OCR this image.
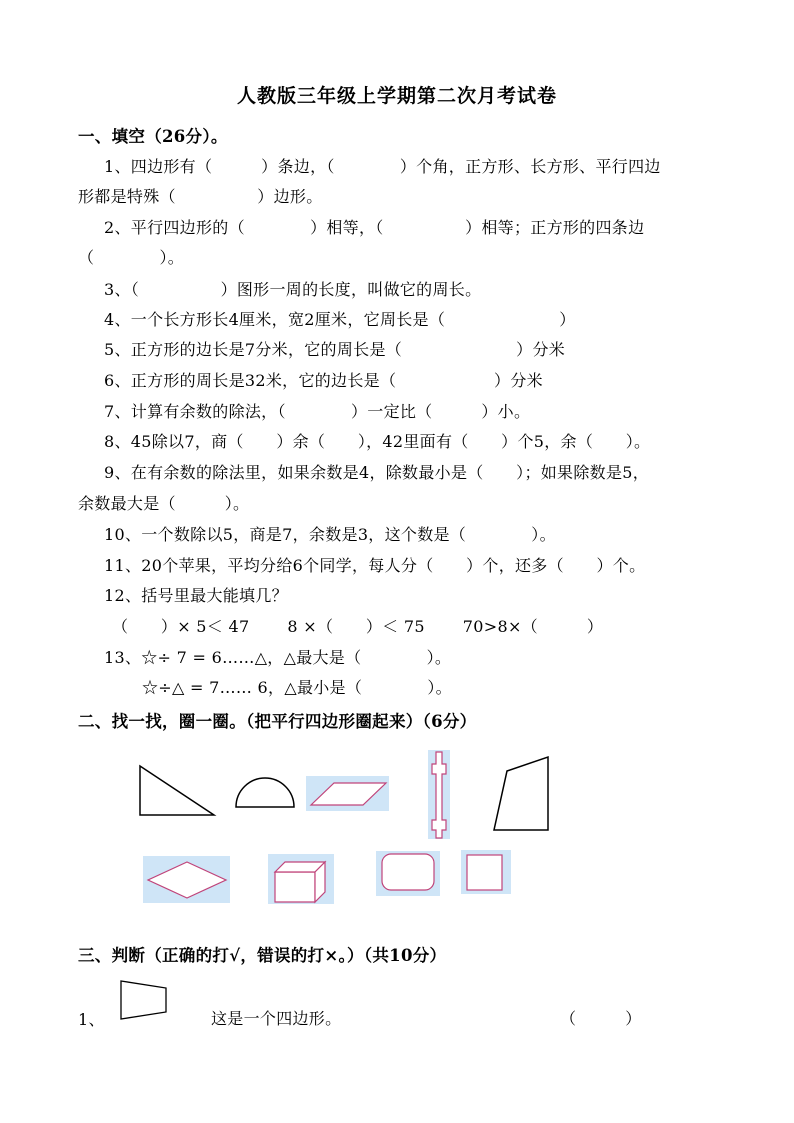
人教版三年级上学期第二次月考试卷
一、填空（26分）。
1、四边形有（　　　）条边，（　　　　）个角，正方形、长方形、平行四边
形都是特殊（　　　　　）边形。
2、平行四边形的（　　　　）相等，（　　　　　）相等；正方形的四条边
（　　　　）。
3、（　　　　　）图形一周的长度，叫做它的周长。
4、一个长方形长4厘米，宽2厘米，它周长是（　　　　　　　）
5、正方形的边长是7分米，它的周长是（　　　　　　　）分米
6、正方形的周长是32米，它的边长是（　　　　　　）分米
7、计算有余数的除法，（　　　　）一定比（　　　）小。
8、45除以7，商（　　）余（　　），42里面有（　　）个5，余（　　）。
9、在有余数的除法里，如果余数是4，除数最小是（　　）；如果除数是5，
余数最大是（　　　）。
10、一个数除以5，商是7，余数是3，这个数是（　　　　）。
11、20个苹果，平均分给6个同学，每人分（　　）个，还多（　　）个。
12、括号里最大能填几？
（　　）× 5＜ 47　　 8 ×（　　）＜ 75　　 70>8×（　　　）
13、☆÷ 7 = 6……△，△最大是（　　　　）。
☆÷△ = 7…… 6，△最小是（　　　　）。
二、找一找，圈一圈。（把平行四边形圈起来）（6分）
三、判断（正确的打√，错误的打×。）（共10分）
1、	这是一个四边形。	（　　　）
